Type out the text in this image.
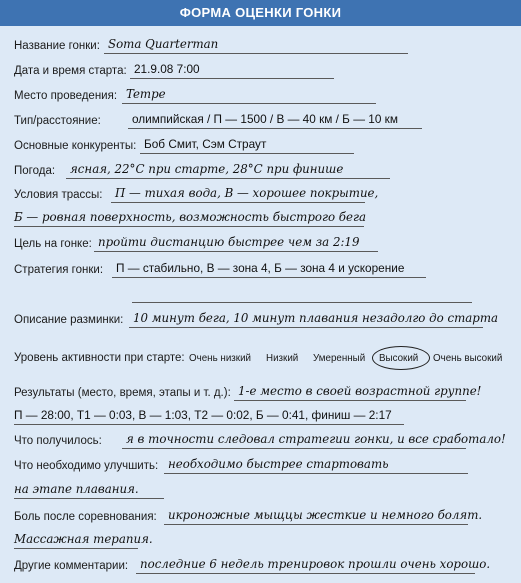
ФОРМА ОЦЕНКИ ГОНКИ
Название гонки: Soma Quarterman
Дата и время старта: 21.9.08 7:00
Место проведения: Tempe
Тип/расстояние:	олимпийская / П — 1500 / В — 40 км / Б — 10 км
Основные конкуренты: Боб Смит, Сэм Страут
Погода:	ясная, 22°C при старте, 28°C при финише
Условия трассы:	П — тихая вода, В — хорошее покрытие,
Б — ровная поверхность, возможность быстрого бега
Цель на гонке: пройти дистанцию быстрее чем за 2:19
Стратегия гонки:	П — стабильно, В — зона 4, Б — зона 4 и ускорение
Описание разминки: 10 минут бега, 10 минут плавания незадолго до старта
Уровень активности при старте: Очень низкий Низкий Умеренный Высокий Очень высокий
Результаты (место, время, этапы и т. д.): 1-е место в своей возрастной группе!
П — 28:00, Т1 — 0:03, В — 1:03, Т2 — 0:02, Б — 0:41, финиш — 2:17
Что получилось:	я в точности следовал стратегии гонки, и все сработало!
Что необходимо улучшить: необходимо быстрее стартовать
на этапе плавания.
Боль после соревнования: икроножные мыщцы жесткие и немного болят.
Массажная терапия.
Другие комментарии:	последние 6 недель тренировок прошли очень хорошо.
